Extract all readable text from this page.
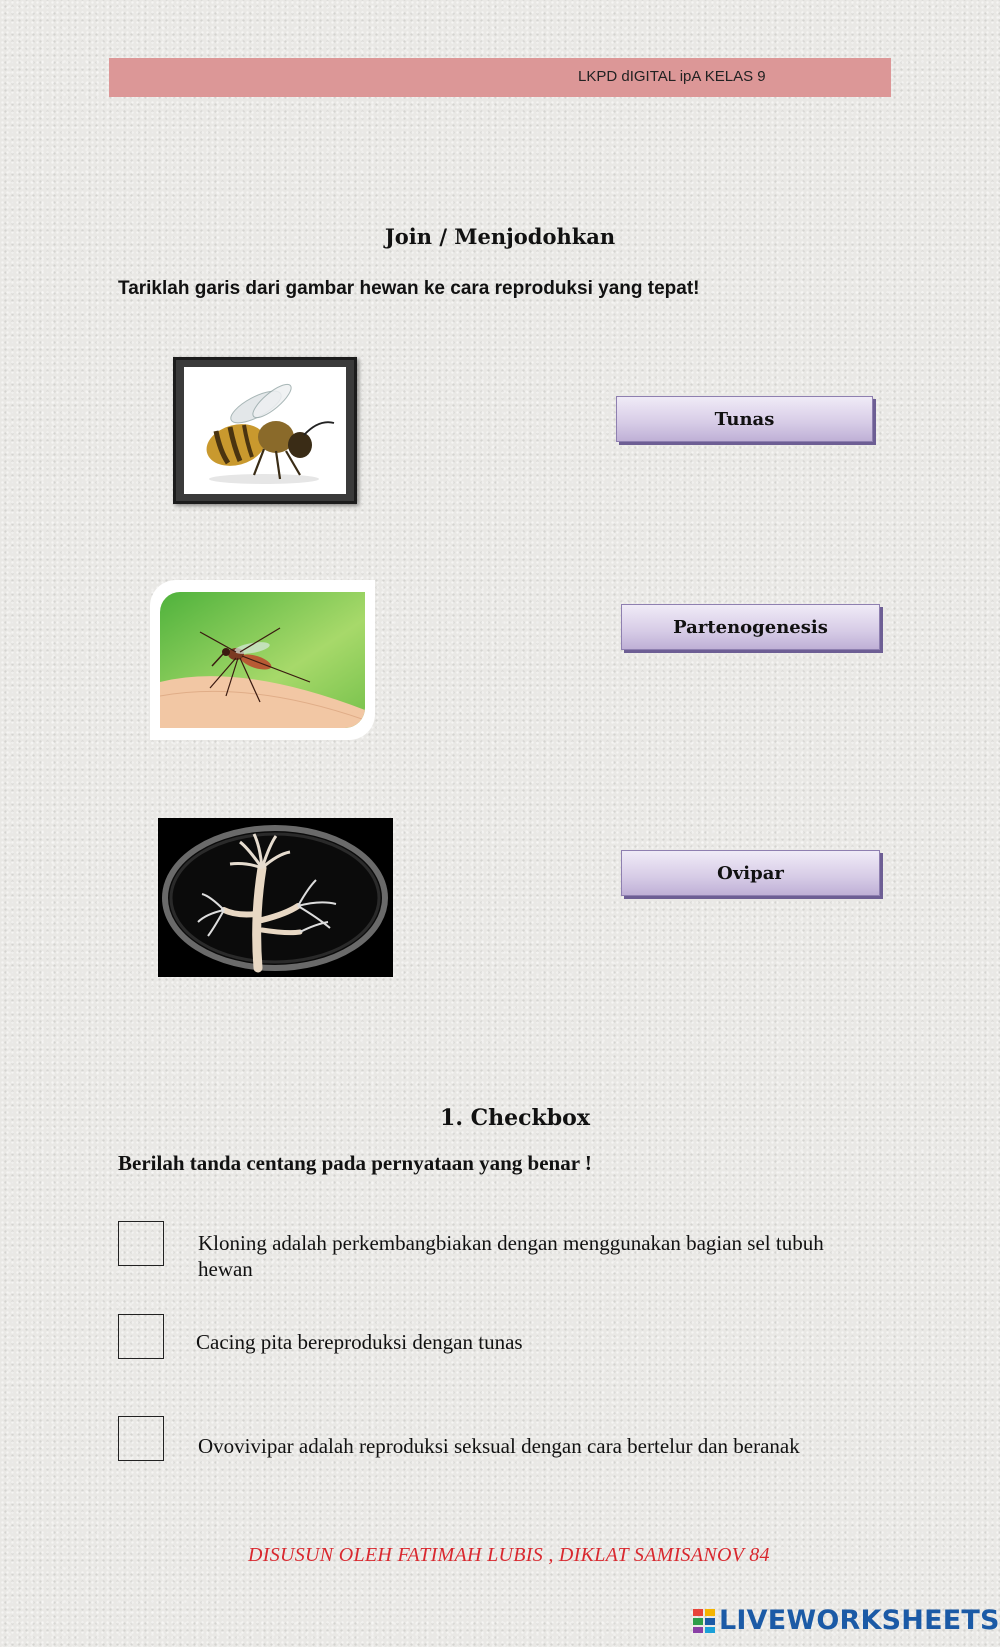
LKPD dIGITAL ipA KELAS 9
Join / Menjodohkan
Tariklah garis dari gambar hewan ke cara reproduksi yang tepat!
Tunas
Partenogenesis
Ovipar
1. Checkbox
Berilah tanda centang pada pernyataan yang benar !
Kloning adalah perkembangbiakan dengan menggunakan bagian sel tubuh hewan
Cacing pita bereproduksi dengan tunas
Ovovivipar adalah reproduksi seksual dengan cara bertelur dan beranak
DISUSUN OLEH FATIMAH LUBIS , DIKLAT SAMISANOV 84
LIVEWORKSHEETS
